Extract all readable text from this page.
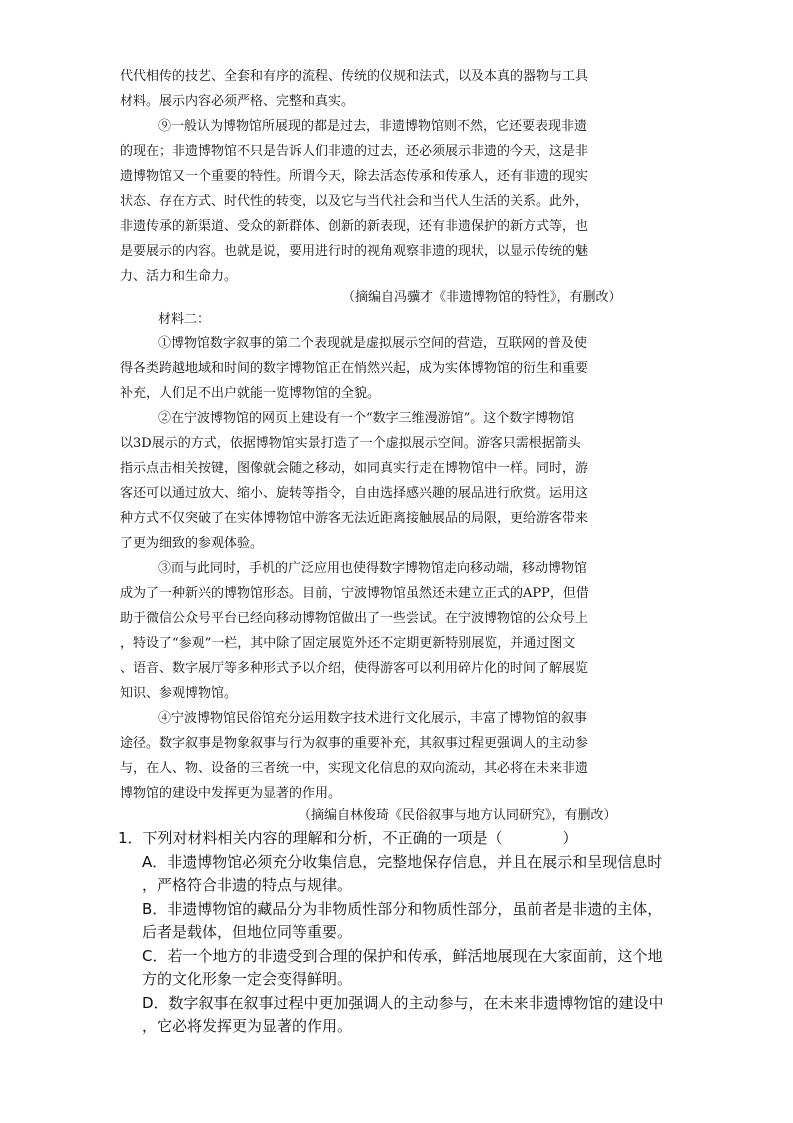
代代相传的技艺、全套和有序的流程、传统的仪规和法式，以及本真的器物与工具
材料。展示内容必须严格、完整和真实。
⑨一般认为博物馆所展现的都是过去，非遗博物馆则不然，它还要表现非遗
的现在；非遗博物馆不只是告诉人们非遗的过去，还必须展示非遗的今天，这是非
遗博物馆又一个重要的特性。所谓今天，除去活态传承和传承人，还有非遗的现实
状态、存在方式、时代性的转变，以及它与当代社会和当代人生活的关系。此外，
非遗传承的新渠道、受众的新群体、创新的新表现，还有非遗保护的新方式等，也
是要展示的内容。也就是说，要用进行时的视角观察非遗的现状，以显示传统的魅
力、活力和生命力。
（摘编自冯骥才《非遗博物馆的特性》，有删改）
材料二：
①博物馆数字叙事的第二个表现就是虚拟展示空间的营造，互联网的普及使
得各类跨越地域和时间的数字博物馆正在悄然兴起，成为实体博物馆的衍生和重要
补充，人们足不出户就能一览博物馆的全貌。
②在宁波博物馆的网页上建设有一个“数字三维漫游馆”。这个数字博物馆
以3D展示的方式，依据博物馆实景打造了一个虚拟展示空间。游客只需根据箭头
指示点击相关按键，图像就会随之移动，如同真实行走在博物馆中一样。同时，游
客还可以通过放大、缩小、旋转等指令，自由选择感兴趣的展品进行欣赏。运用这
种方式不仅突破了在实体博物馆中游客无法近距离接触展品的局限，更给游客带来
了更为细致的参观体验。
③而与此同时，手机的广泛应用也使得数字博物馆走向移动端，移动博物馆
成为了一种新兴的博物馆形态。目前，宁波博物馆虽然还未建立正式的APP，但借
助于微信公众号平台已经向移动博物馆做出了一些尝试。在宁波博物馆的公众号上
，特设了“参观”一栏，其中除了固定展览外还不定期更新特别展览，并通过图文
、语音、数字展厅等多种形式予以介绍，使得游客可以利用碎片化的时间了解展览
知识、参观博物馆。
④宁波博物馆民俗馆充分运用数字技术进行文化展示，丰富了博物馆的叙事
途径。数字叙事是物象叙事与行为叙事的重要补充，其叙事过程更强调人的主动参
与，在人、物、设备的三者统一中，实现文化信息的双向流动，其必将在未来非遗
博物馆的建设中发挥更为显著的作用。
（摘编自林俊琦《民俗叙事与地方认同研究》，有删改）
1．下列对材料相关内容的理解和分析，不正确的一项是（　　　　）
A．非遗博物馆必须充分收集信息，完整地保存信息，并且在展示和呈现信息时
，严格符合非遗的特点与规律。
B．非遗博物馆的藏品分为非物质性部分和物质性部分，虽前者是非遗的主体，
后者是载体，但地位同等重要。
C．若一个地方的非遗受到合理的保护和传承，鲜活地展现在大家面前，这个地
方的文化形象一定会变得鲜明。
D．数字叙事在叙事过程中更加强调人的主动参与，在未来非遗博物馆的建设中
，它必将发挥更为显著的作用。
